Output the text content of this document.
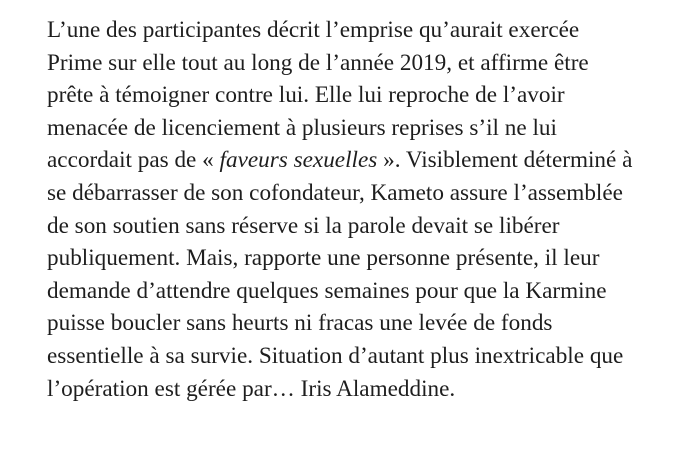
L’une des participantes décrit l’emprise qu’aurait exercée
Prime sur elle tout au long de l’année 2019, et affirme être
prête à témoigner contre lui. Elle lui reproche de l’avoir
menacée de licenciement à plusieurs reprises s’il ne lui
accordait pas de « faveurs sexuelles ». Visiblement déterminé à
se débarrasser de son cofondateur, Kameto assure l’assemblée
de son soutien sans réserve si la parole devait se libérer
publiquement. Mais, rapporte une personne présente, il leur
demande d’attendre quelques semaines pour que la Karmine
puisse boucler sans heurts ni fracas une levée de fonds
essentielle à sa survie. Situation d’autant plus inextricable que
l’opération est gérée par… Iris Alameddine.
